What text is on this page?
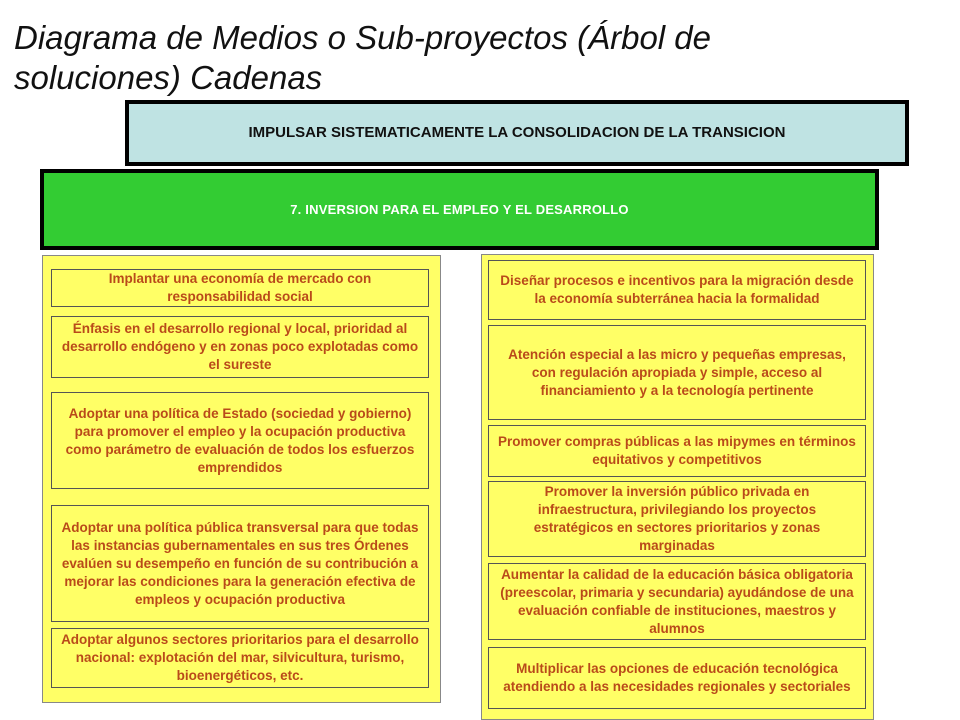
Diagrama de Medios o Sub-proyectos (Árbol de soluciones) Cadenas
IMPULSAR SISTEMATICAMENTE LA CONSOLIDACION DE LA TRANSICION
7. INVERSION PARA EL EMPLEO Y EL DESARROLLO
Implantar una economía de mercado con responsabilidad social
Énfasis en el desarrollo regional y local, prioridad al desarrollo endógeno y en zonas poco explotadas como el sureste
Adoptar una política de Estado (sociedad y gobierno) para promover el empleo y la ocupación productiva como parámetro de evaluación de todos los esfuerzos emprendidos
Adoptar una política pública transversal para que todas las instancias gubernamentales en sus tres Órdenes evalúen su desempeño en función de su contribución a mejorar las condiciones para la generación efectiva de empleos y ocupación productiva
Adoptar algunos sectores prioritarios para el desarrollo nacional: explotación del mar, silvicultura, turismo, bioenergéticos, etc.
Diseñar procesos e incentivos para la migración desde la economía subterránea hacia la formalidad
Atención especial a las micro y pequeñas empresas, con regulación apropiada y simple, acceso al financiamiento y a la tecnología pertinente
Promover compras públicas a las mipymes en términos equitativos y competitivos
Promover la inversión público privada en infraestructura, privilegiando los proyectos estratégicos en sectores prioritarios y zonas marginadas
Aumentar la calidad de la educación básica obligatoria (preescolar, primaria y secundaria) ayudándose de una evaluación confiable de instituciones, maestros y alumnos
Multiplicar las opciones de educación tecnológica atendiendo a las necesidades regionales y sectoriales
